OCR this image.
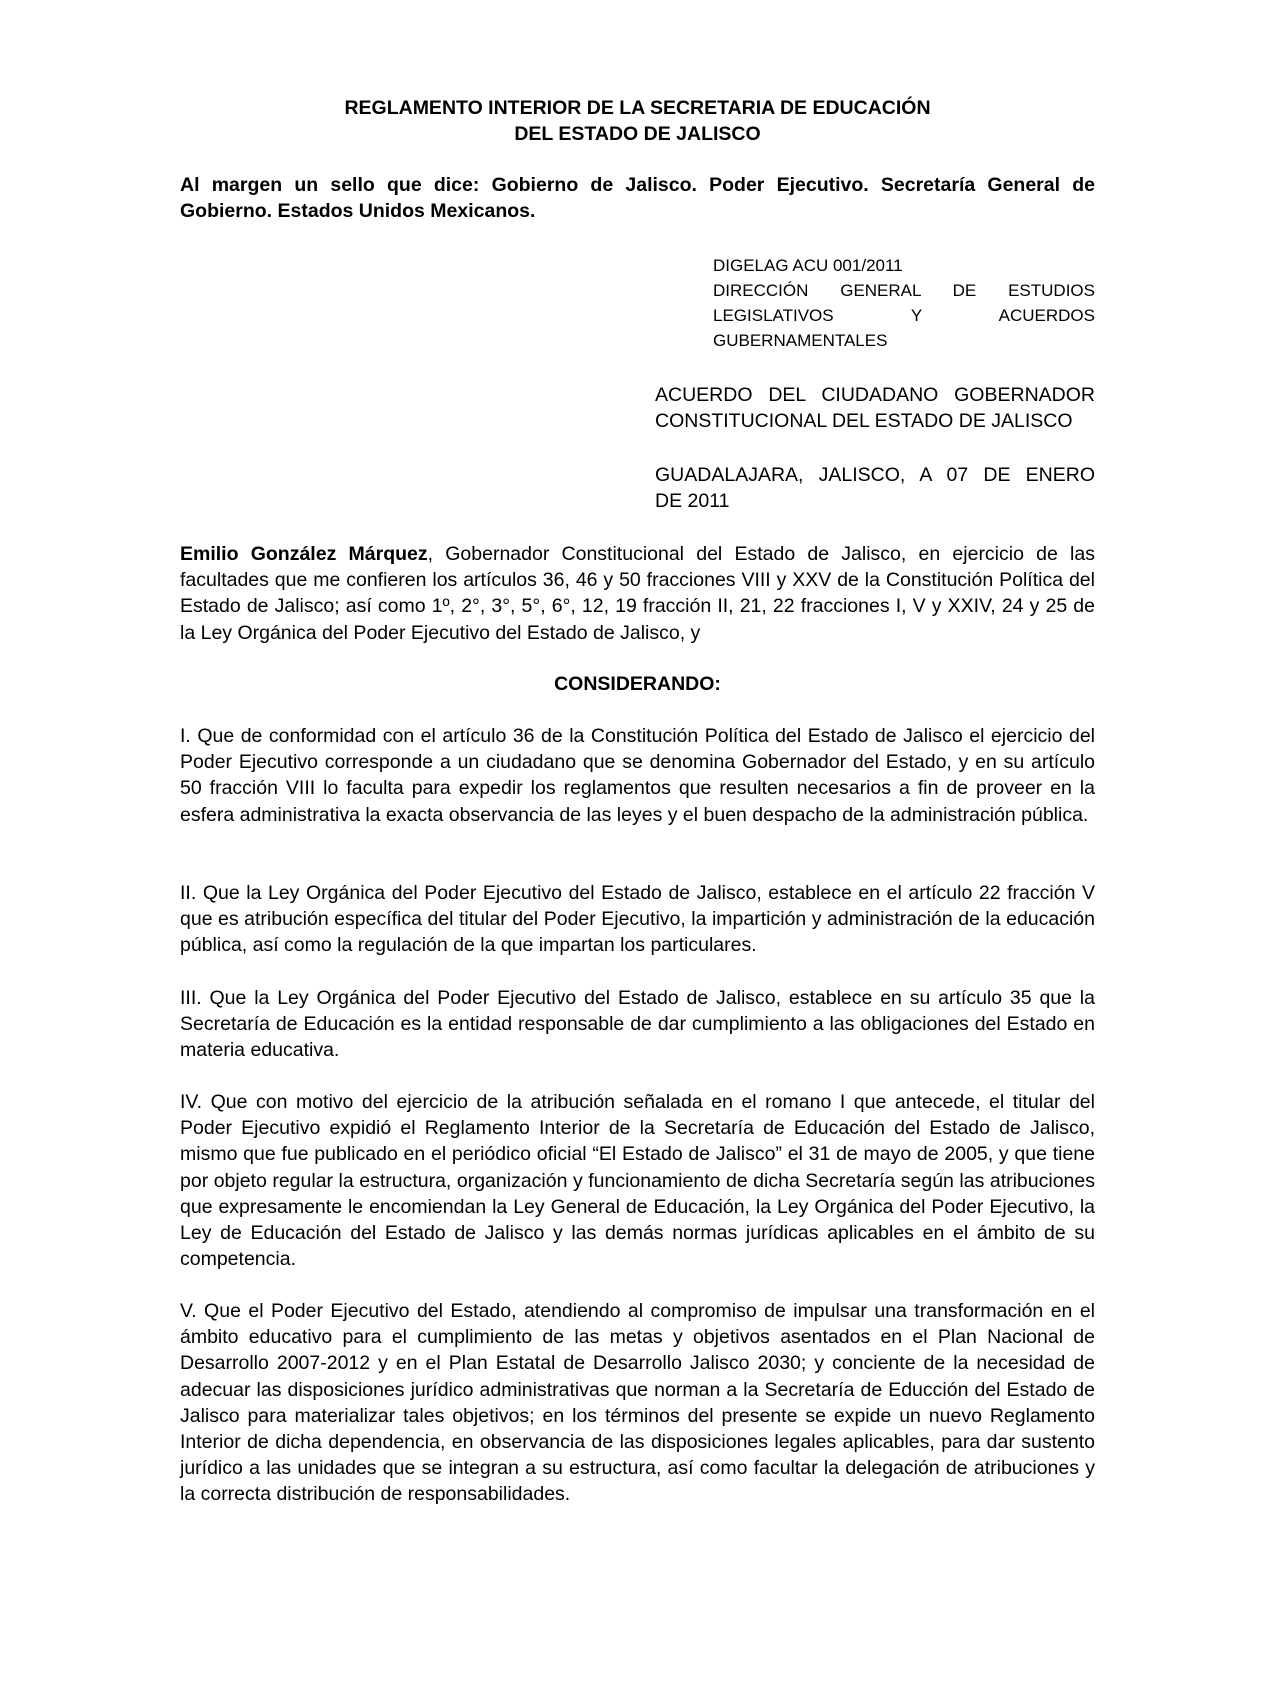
REGLAMENTO INTERIOR DE LA SECRETARIA DE EDUCACIÓN
DEL ESTADO DE JALISCO
Al margen un sello que dice: Gobierno de Jalisco. Poder Ejecutivo. Secretaría General de Gobierno. Estados Unidos Mexicanos.
DIGELAG ACU 001/2011
DIRECCIÓN GENERAL DE ESTUDIOS
LEGISLATIVOS Y ACUERDOS
GUBERNAMENTALES
ACUERDO DEL CIUDADANO GOBERNADOR
CONSTITUCIONAL DEL ESTADO DE JALISCO
GUADALAJARA, JALISCO, A 07 DE ENERO
DE 2011
Emilio González Márquez, Gobernador Constitucional del Estado de Jalisco, en ejercicio de las facultades que me confieren los artículos 36, 46 y 50 fracciones VIII y XXV de la Constitución Política del Estado de Jalisco; así como 1º, 2°, 3°, 5°, 6°, 12, 19 fracción II, 21, 22 fracciones I, V y XXIV, 24 y 25 de la Ley Orgánica del Poder Ejecutivo del Estado de Jalisco, y
CONSIDERANDO:
I. Que de conformidad con el artículo 36 de la Constitución Política del Estado de Jalisco el ejercicio del Poder Ejecutivo corresponde a un ciudadano que se denomina Gobernador del Estado, y en su artículo 50 fracción VIII lo faculta para expedir los reglamentos que resulten necesarios a fin de proveer en la esfera administrativa la exacta observancia de las leyes y el buen despacho de la administración pública.
II. Que la Ley Orgánica del Poder Ejecutivo del Estado de Jalisco, establece en el artículo 22 fracción V que es atribución específica del titular del Poder Ejecutivo, la impartición y administración de la educación pública, así como la regulación de la que impartan los particulares.
III. Que la Ley Orgánica del Poder Ejecutivo del Estado de Jalisco, establece en su artículo 35 que la Secretaría de Educación es la entidad responsable de dar cumplimiento a las obligaciones del Estado en materia educativa.
IV. Que con motivo del ejercicio de la atribución señalada en el romano I que antecede, el titular del Poder Ejecutivo expidió el Reglamento Interior de la Secretaría de Educación del Estado de Jalisco, mismo que fue publicado en el periódico oficial “El Estado de Jalisco” el 31 de mayo de 2005, y que tiene por objeto regular la estructura, organización y funcionamiento de dicha Secretaría según las atribuciones que expresamente le encomiendan la Ley General de Educación, la Ley Orgánica del Poder Ejecutivo, la Ley de Educación del Estado de Jalisco y las demás normas jurídicas aplicables en el ámbito de su competencia.
V. Que el Poder Ejecutivo del Estado, atendiendo al compromiso de impulsar una transformación en el ámbito educativo para el cumplimiento de las metas y objetivos asentados en el Plan Nacional de Desarrollo 2007-2012 y en el Plan Estatal de Desarrollo Jalisco 2030; y conciente de la necesidad de adecuar las disposiciones jurídico administrativas que norman a la Secretaría de Educción del Estado de Jalisco para materializar tales objetivos; en los términos del presente se expide un nuevo Reglamento Interior de dicha dependencia, en observancia de las disposiciones legales aplicables, para dar sustento jurídico a las unidades que se integran a su estructura, así como facultar la delegación de atribuciones y la correcta distribución de responsabilidades.
